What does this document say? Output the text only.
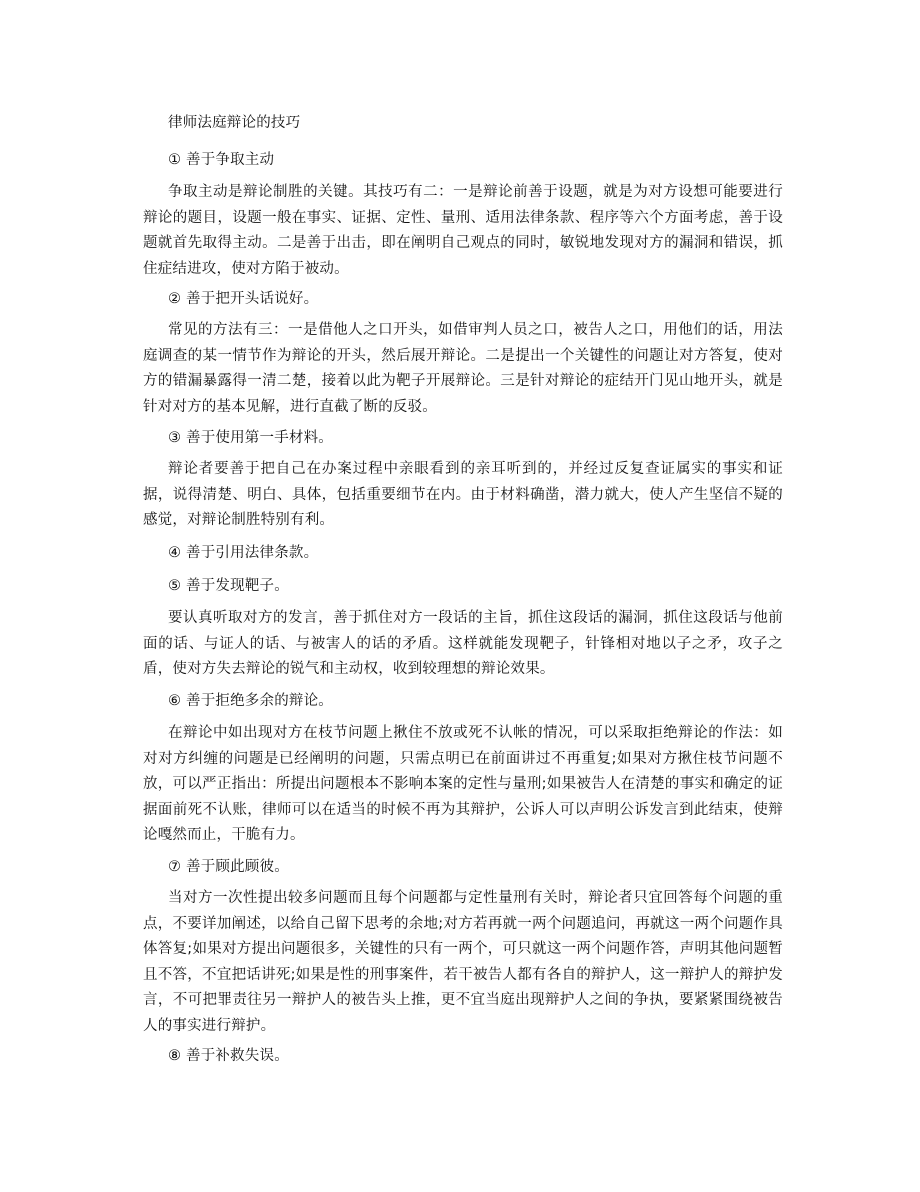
律师法庭辩论的技巧
① 善于争取主动

争取主动是辩论制胜的关键。其技巧有二：一是辩论前善于设题，就是为对方设想可能要进行辩论的题目，设题一般在事实、证据、定性、量刑、适用法律条款、程序等六个方面考虑，善于设题就首先取得主动。二是善于出击，即在阐明自己观点的同时，敏锐地发现对方的漏洞和错误，抓住症结进攻，使对方陷于被动。

② 善于把开头话说好。

常见的方法有三：一是借他人之口开头，如借审判人员之口，被告人之口，用他们的话，用法庭调查的某一情节作为辩论的开头，然后展开辩论。二是提出一个关键性的问题让对方答复，使对方的错漏暴露得一清二楚，接着以此为靶子开展辩论。三是针对辩论的症结开门见山地开头，就是针对对方的基本见解，进行直截了断的反驳。

③ 善于使用第一手材料。

辩论者要善于把自己在办案过程中亲眼看到的亲耳听到的，并经过反复查证属实的事实和证据，说得清楚、明白、具体，包括重要细节在内。由于材料确凿，潜力就大，使人产生坚信不疑的感觉，对辩论制胜特别有利。

④ 善于引用法律条款。
⑤ 善于发现靶子。

要认真听取对方的发言，善于抓住对方一段话的主旨，抓住这段话的漏洞，抓住这段话与他前面的话、与证人的话、与被害人的话的矛盾。这样就能发现靶子，针锋相对地以子之矛，攻子之盾，使对方失去辩论的锐气和主动权，收到较理想的辩论效果。

⑥ 善于拒绝多余的辩论。

在辩论中如出现对方在枝节问题上揪住不放或死不认帐的情况，可以采取拒绝辩论的作法：如对对方纠缠的问题是已经阐明的问题，只需点明已在前面讲过不再重复;如果对方揪住枝节问题不放，可以严正指出：所提出问题根本不影响本案的定性与量刑;如果被告人在清楚的事实和确定的证据面前死不认账，律师可以在适当的时候不再为其辩护，公诉人可以声明公诉发言到此结束，使辩论嘎然而止，干脆有力。

⑦ 善于顾此顾彼。

当对方一次性提出较多问题而且每个问题都与定性量刑有关时，辩论者只宜回答每个问题的重点，不要详加阐述，以给自己留下思考的余地;对方若再就一两个问题追问，再就这一两个问题作具体答复;如果对方提出问题很多，关键性的只有一两个，可只就这一两个问题作答，声明其他问题暂且不答，不宜把话讲死;如果是性的刑事案件，若干被告人都有各自的辩护人，这一辩护人的辩护发言，不可把罪责往另一辩护人的被告头上推，更不宜当庭出现辩护人之间的争执，要紧紧围绕被告人的事实进行辩护。

⑧ 善于补救失误。
